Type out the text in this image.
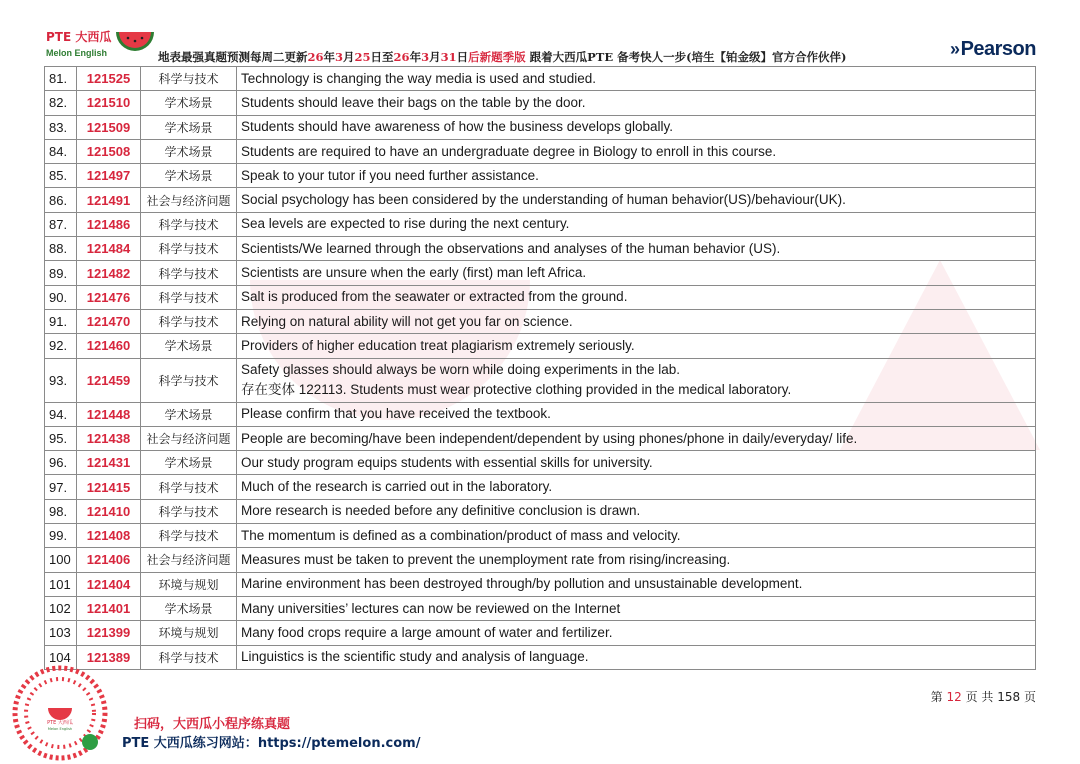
PTE 大西瓜
Melon English	地表最强真题预测每周二更新26年3月25日至26年3月31日后新题季版 跟着大西瓜PTE 备考快人一步(培生【铂金级】官方合作伙伴)	»Pearson
81.	121525	科学与技术	Technology is changing the way media is used and studied.
82.	121510	学术场景	Students should leave their bags on the table by the door.
83.	121509	学术场景	Students should have awareness of how the business develops globally.
84.	121508	学术场景	Students are required to have an undergraduate degree in Biology to enroll in this course.
85.	121497	学术场景	Speak to your tutor if you need further assistance.
86.	121491	社会与经济问题	Social psychology has been considered by the understanding of human behavior(US)/behaviour(UK).
87.	121486	科学与技术	Sea levels are expected to rise during the next century.
88.	121484	科学与技术	Scientists/We learned through the observations and analyses of the human behavior (US).
89.	121482	科学与技术	Scientists are unsure when the early (first) man left Africa.
90.	121476	科学与技术	Salt is produced from the seawater or extracted from the ground.
91.	121470	科学与技术	Relying on natural ability will not get you far on science.
92.	121460	学术场景	Providers of higher education treat plagiarism extremely seriously.
93.	121459	科学与技术	Safety glasses should always be worn while doing experiments in the lab.
存在变体 122113. Students must wear protective clothing provided in the medical laboratory.

94.	121448	学术场景	Please confirm that you have received the textbook.
95.	121438	社会与经济问题	People are becoming/have been independent/dependent by using phones/phone in daily/everyday/ life.
96.	121431	学术场景	Our study program equips students with essential skills for university.
97.	121415	科学与技术	Much of the research is carried out in the laboratory.
98.	121410	科学与技术	More research is needed before any definitive conclusion is drawn.
99.	121408	科学与技术	The momentum is defined as a combination/product of mass and velocity.
100	121406	社会与经济问题	Measures must be taken to prevent the unemployment rate from rising/increasing.
101	121404	环境与规划	Marine environment has been destroyed through/by pollution and unsustainable development.
102	121401	学术场景	Many universities’ lectures can now be reviewed on the Internet
103	121399	环境与规划	Many food crops require a large amount of water and fertilizer.
104	121389	科学与技术	Linguistics is the scientific study and analysis of language.
第 12 页 共 158 页
PTE 大西瓜
Melon English	扫码，大西瓜小程序练真题
PTE 大西瓜练习网站：https://ptemelon.com/
